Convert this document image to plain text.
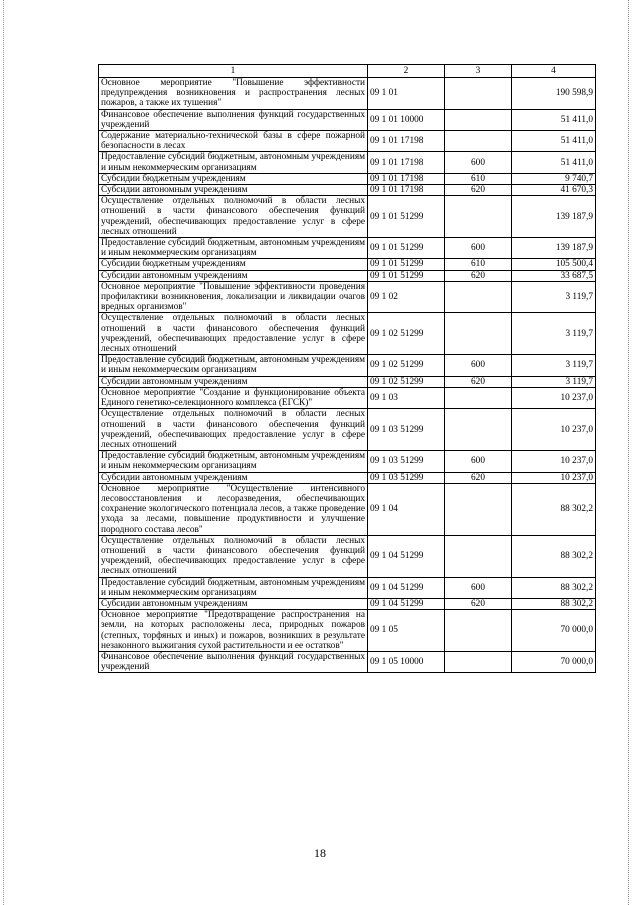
1	2	3	4
Основное мероприятие "Повышение эффективности предупреждения возникновения и распространения лесных пожаров, а также их тушения"	09 1 01		190 598,9
Финансовое обеспечение выполнения функций государственных учреждений	09 1 01 10000		51 411,0
Содержание материально-технической базы в сфере пожарной безопасности в лесах	09 1 01 17198		51 411,0
Предоставление субсидий бюджетным, автономным учреждениям и иным некоммерческим организациям	09 1 01 17198	600	51 411,0
Субсидии бюджетным учреждениям	09 1 01 17198	610	9 740,7
Субсидии автономным учреждениям	09 1 01 17198	620	41 670,3
Осуществление отдельных полномочий в области лесных отношений в части финансового обеспечения функций учреждений, обеспечивающих предоставление услуг в сфере лесных отношений	09 1 01 51299		139 187,9
Предоставление субсидий бюджетным, автономным учреждениям и иным некоммерческим организациям	09 1 01 51299	600	139 187,9
Субсидии бюджетным учреждениям	09 1 01 51299	610	105 500,4
Субсидии автономным учреждениям	09 1 01 51299	620	33 687,5
Основное мероприятие "Повышение эффективности проведения профилактики возникновения, локализации и ликвидации очагов вредных организмов"	09 1 02		3 119,7
Осуществление отдельных полномочий в области лесных отношений в части финансового обеспечения функций учреждений, обеспечивающих предоставление услуг в сфере лесных отношений	09 1 02 51299		3 119,7
Предоставление субсидий бюджетным, автономным учреждениям и иным некоммерческим организациям	09 1 02 51299	600	3 119,7
Субсидии автономным учреждениям	09 1 02 51299	620	3 119,7
Основное мероприятие "Создание и функционирование объекта Единого генетико-селекционного комплекса (ЕГСК)"	09 1 03		10 237,0
Осуществление отдельных полномочий в области лесных отношений в части финансового обеспечения функций учреждений, обеспечивающих предоставление услуг в сфере лесных отношений	09 1 03 51299		10 237,0
Предоставление субсидий бюджетным, автономным учреждениям и иным некоммерческим организациям	09 1 03 51299	600	10 237,0
Субсидии автономным учреждениям	09 1 03 51299	620	10 237,0
Основное мероприятие "Осуществление интенсивного лесовосстановления и лесоразведения, обеспечивающих сохранение экологического потенциала лесов, а также проведение ухода за лесами, повышение продуктивности и улучшение породного состава лесов"	09 1 04		88 302,2
Осуществление отдельных полномочий в области лесных отношений в части финансового обеспечения функций учреждений, обеспечивающих предоставление услуг в сфере лесных отношений	09 1 04 51299		88 302,2
Предоставление субсидий бюджетным, автономным учреждениям и иным некоммерческим организациям	09 1 04 51299	600	88 302,2
Субсидии автономным учреждениям	09 1 04 51299	620	88 302,2
Основное мероприятие "Предотвращение распространения на земли, на которых расположены леса, природных пожаров (степных, торфяных и иных) и пожаров, возникших в результате незаконного выжигания сухой растительности и ее остатков"	09 1 05		70 000,0
Финансовое обеспечение выполнения функций государственных учреждений	09 1 05 10000		70 000,0
18
